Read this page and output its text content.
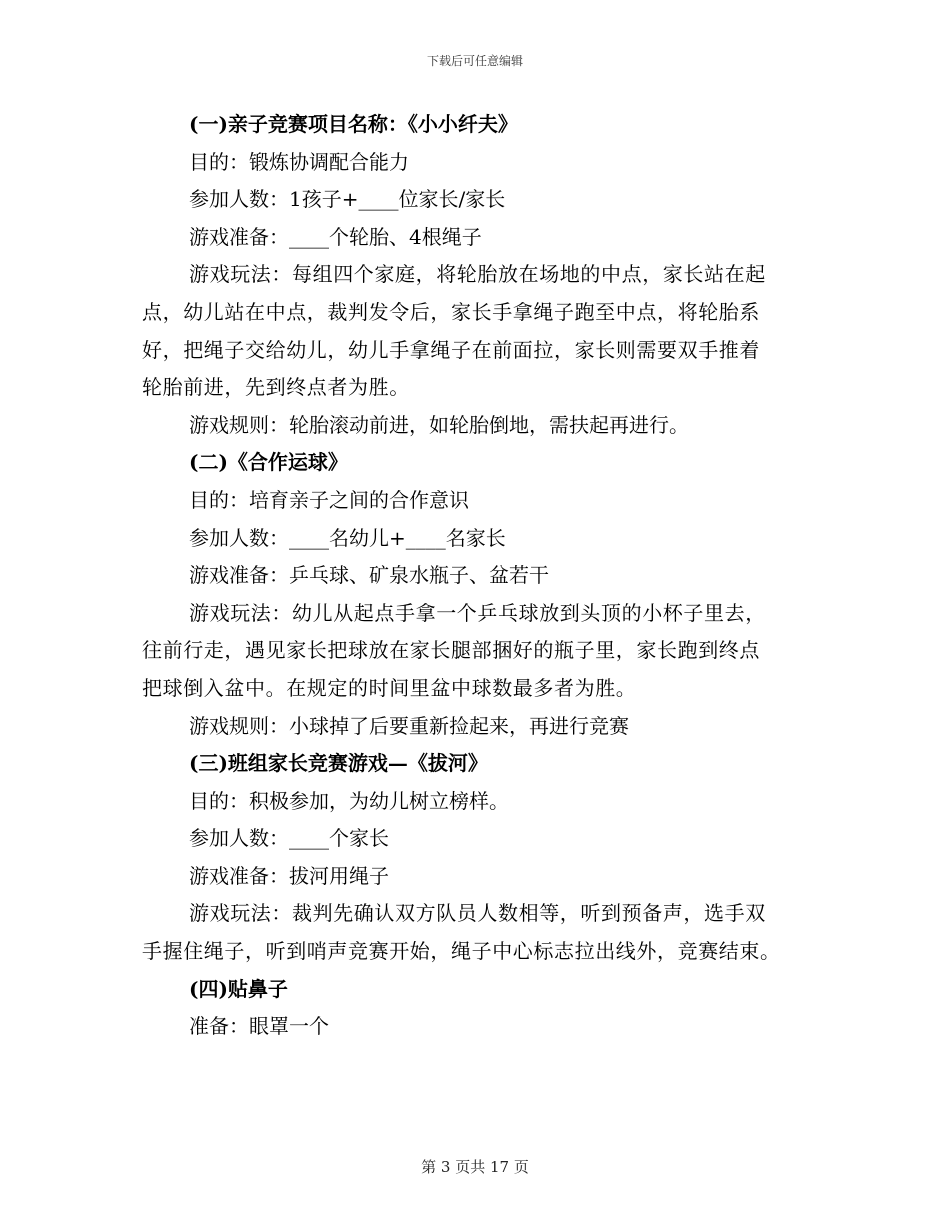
下载后可任意编辑
(一)亲子竞赛项目名称：《小小纤夫》
目的：锻炼协调配合能力
参加人数：1孩子+____位家长/家长
游戏准备：____个轮胎、4根绳子
游戏玩法：每组四个家庭，将轮胎放在场地的中点，家长站在起
点，幼儿站在中点，裁判发令后，家长手拿绳子跑至中点，将轮胎系
好，把绳子交给幼儿，幼儿手拿绳子在前面拉，家长则需要双手推着
轮胎前进，先到终点者为胜。
游戏规则：轮胎滚动前进，如轮胎倒地，需扶起再进行。
(二)《合作运球》
目的：培育亲子之间的合作意识
参加人数：____名幼儿+____名家长
游戏准备：乒乓球、矿泉水瓶子、盆若干
游戏玩法：幼儿从起点手拿一个乒乓球放到头顶的小杯子里去，
往前行走，遇见家长把球放在家长腿部捆好的瓶子里，家长跑到终点
把球倒入盆中。在规定的时间里盆中球数最多者为胜。
游戏规则：小球掉了后要重新捡起来，再进行竞赛
(三)班组家长竞赛游戏—《拔河》
目的：积极参加，为幼儿树立榜样。
参加人数：____个家长
游戏准备：拔河用绳子
游戏玩法：裁判先确认双方队员人数相等，听到预备声，选手双
手握住绳子，听到哨声竞赛开始，绳子中心标志拉出线外，竞赛结束。
(四)贴鼻子
准备：眼罩一个
第 3 页共 17 页
